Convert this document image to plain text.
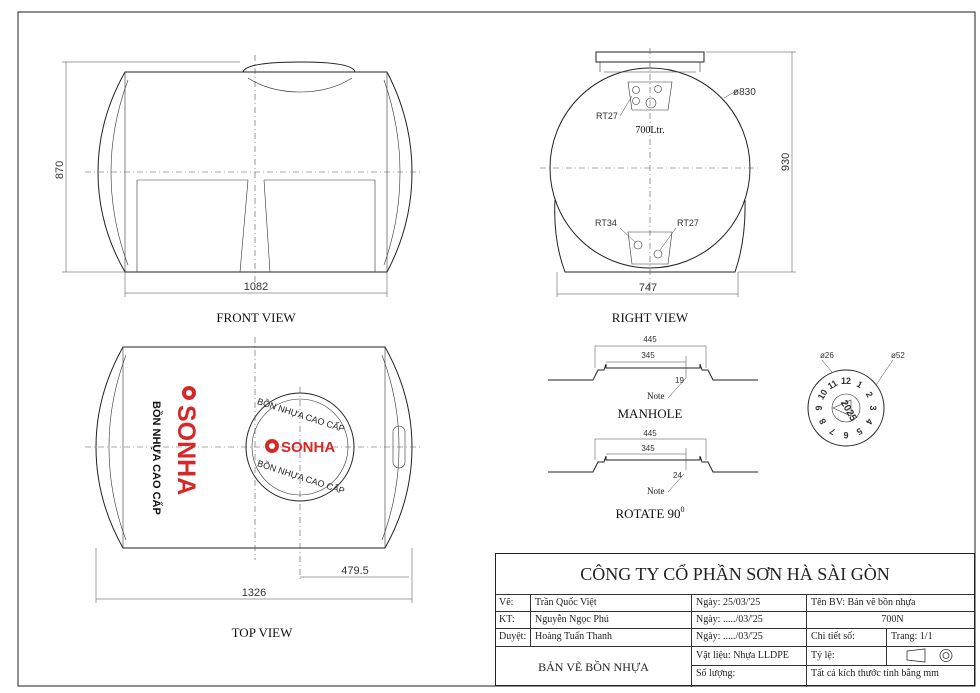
870
1082
FRONT VIEW
RT27
700Ltr.
ø830
RT34	RT27
930
747
RIGHT VIEW
SONHA
BỒN NHỰA CAO CẤP	SONHA
BỒN NHỰA CAO CẤP
BỒN NHỰA CAO CẤP
479.5
1326
TOP VIEW
445
345
19
Note
MANHOLE
445
345
24
Note
ROTATE $90^0$
2025
12 1
2
3
4
5
6
7
8
9
10
11
ø26	ø52
CÔNG TY CỔ PHẦN SƠN HÀ SÀI GÒN
Vẽ:	Trần Quốc Việt	Ngày: 25/03/'25	Tên BV: Bản vẽ bồn nhựa
KT:	Nguyễn Ngọc Phú	Ngày: ...../03/'25	700N
Duyệt: Hoàng Tuấn Thanh	Ngày: ...../03/'25	Chi tiết số:	Trang: 1/1
BẢN VẼ BỒN NHỰA
Vật liệu: Nhựa LLDPE	Tỷ lệ:
Số lượng:	Tất cả kích thước tính bằng mm
